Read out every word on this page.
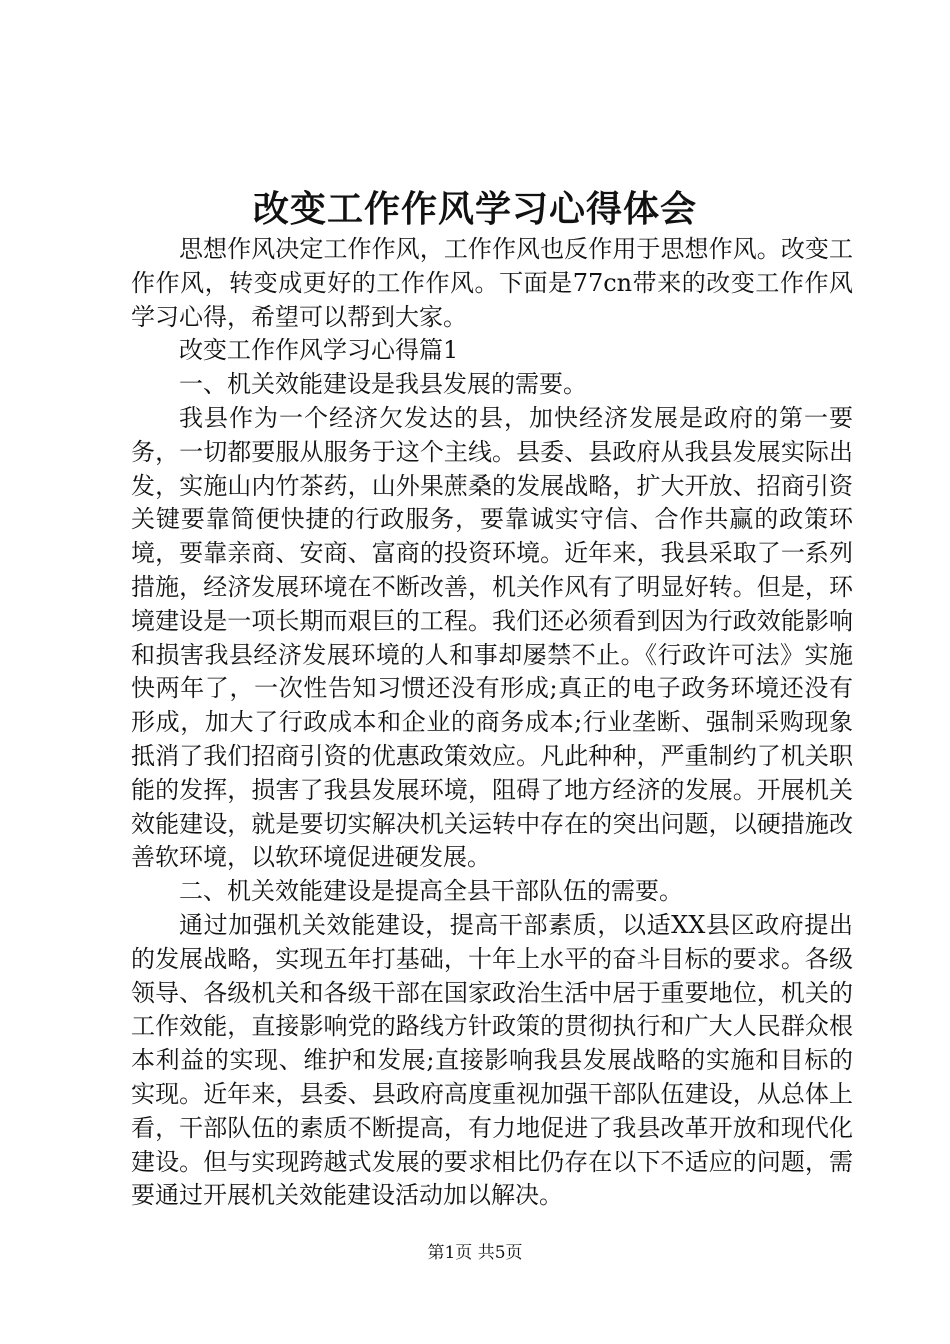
改变工作作风学习心得体会

思想作风决定工作作风，工作作风也反作用于思想作风。改变工作作风，转变成更好的工作作风。下面是77cn带来的改变工作作风学习心得，希望可以帮到大家。

改变工作作风学习心得篇1

一、机关效能建设是我县发展的需要。

我县作为一个经济欠发达的县，加快经济发展是政府的第一要务，一切都要服从服务于这个主线。县委、县政府从我县发展实际出发，实施山内竹茶药，山外果蔗桑的发展战略，扩大开放、招商引资关键要靠简便快捷的行政服务，要靠诚实守信、合作共赢的政策环境，要靠亲商、安商、富商的投资环境。近年来，我县采取了一系列措施，经济发展环境在不断改善，机关作风有了明显好转。但是，环境建设是一项长期而艰巨的工程。我们还必须看到因为行政效能影响和损害我县经济发展环境的人和事却屡禁不止。《行政许可法》实施快两年了，一次性告知习惯还没有形成;真正的电子政务环境还没有形成，加大了行政成本和企业的商务成本;行业垄断、强制采购现象抵消了我们招商引资的优惠政策效应。凡此种种，严重制约了机关职能的发挥，损害了我县发展环境，阻碍了地方经济的发展。开展机关效能建设，就是要切实解决机关运转中存在的突出问题，以硬措施改善软环境，以软环境促进硬发展。

二、机关效能建设是提高全县干部队伍的需要。

通过加强机关效能建设，提高干部素质，以适XX县区政府提出的发展战略，实现五年打基础，十年上水平的奋斗目标的要求。各级领导、各级机关和各级干部在国家政治生活中居于重要地位，机关的工作效能，直接影响党的路线方针政策的贯彻执行和广大人民群众根本利益的实现、维护和发展;直接影响我县发展战略的实施和目标的实现。近年来，县委、县政府高度重视加强干部队伍建设，从总体上看，干部队伍的素质不断提高，有力地促进了我县改革开放和现代化建设。但与实现跨越式发展的要求相比仍存在以下不适应的问题，需要通过开展机关效能建设活动加以解决。

第1页 共5页
